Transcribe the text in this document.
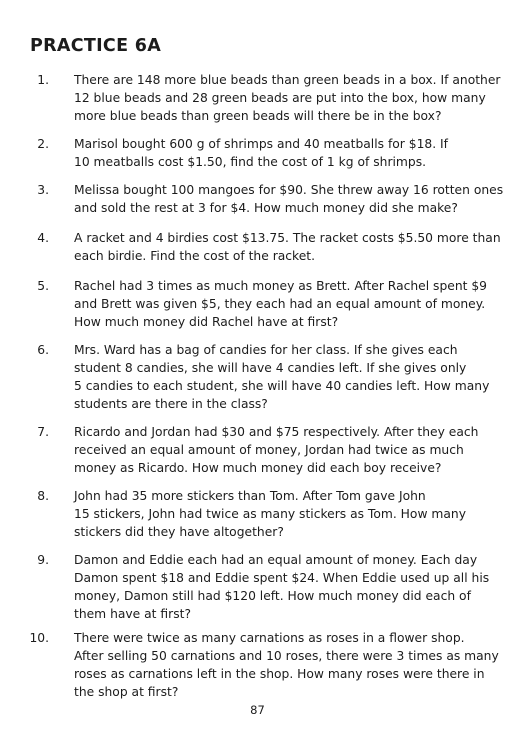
PRACTICE 6A
1. There are 148 more blue beads than green beads in a box. If another
12 blue beads and 28 green beads are put into the box, how many
more blue beads than green beads will there be in the box?
2. Marisol bought 600 g of shrimps and 40 meatballs for $18. If
10 meatballs cost $1.50, find the cost of 1 kg of shrimps.
3. Melissa bought 100 mangoes for $90. She threw away 16 rotten ones
and sold the rest at 3 for $4. How much money did she make?
4. A racket and 4 birdies cost $13.75. The racket costs $5.50 more than
each birdie. Find the cost of the racket.
5. Rachel had 3 times as much money as Brett. After Rachel spent $9
and Brett was given $5, they each had an equal amount of money.
How much money did Rachel have at first?
6. Mrs. Ward has a bag of candies for her class. If she gives each
student 8 candies, she will have 4 candies left. If she gives only
5 candies to each student, she will have 40 candies left. How many
students are there in the class?
7. Ricardo and Jordan had $30 and $75 respectively. After they each
received an equal amount of money, Jordan had twice as much
money as Ricardo. How much money did each boy receive?
8. John had 35 more stickers than Tom. After Tom gave John
15 stickers, John had twice as many stickers as Tom. How many
stickers did they have altogether?
9. Damon and Eddie each had an equal amount of money. Each day
Damon spent $18 and Eddie spent $24. When Eddie used up all his
money, Damon still had $120 left. How much money did each of
them have at first?
10. There were twice as many carnations as roses in a flower shop.
After selling 50 carnations and 10 roses, there were 3 times as many
roses as carnations left in the shop. How many roses were there in
the shop at first?
87
